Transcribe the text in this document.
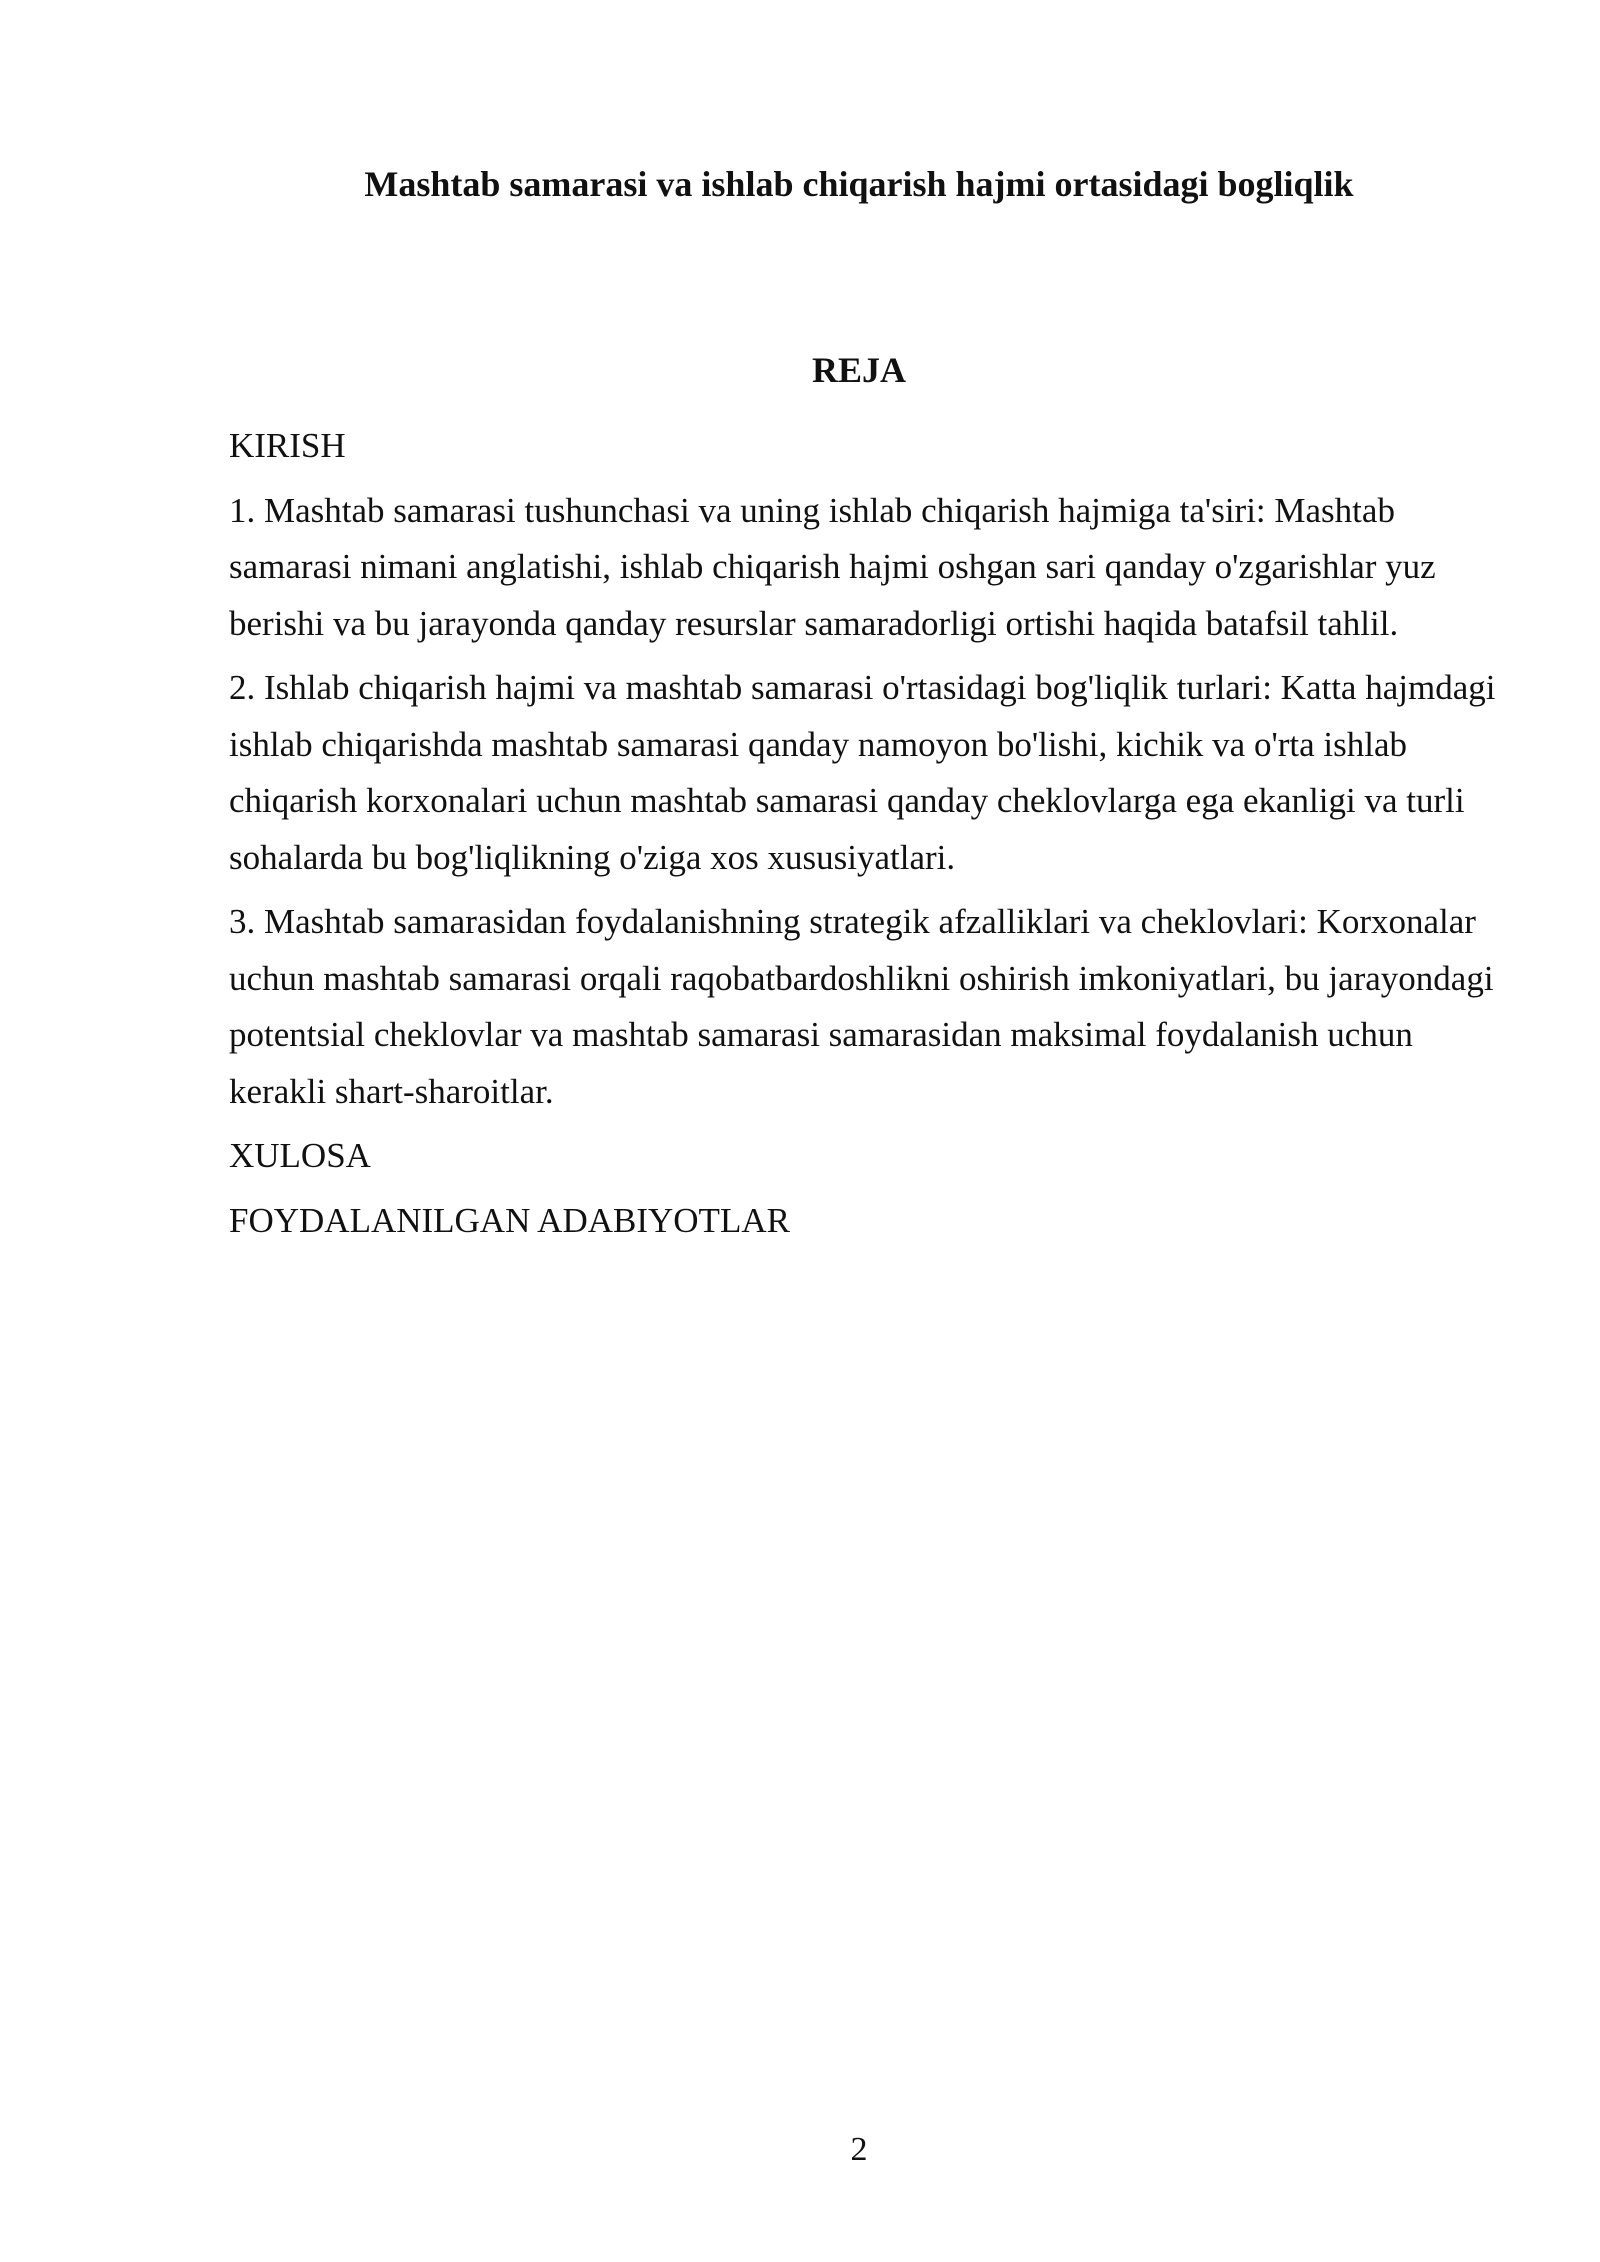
Mashtab samarasi va ishlab chiqarish hajmi ortasidagi bogliqlik
REJA

KIRISH

1. Mashtab samarasi tushunchasi va uning ishlab chiqarish hajmiga ta'siri: Mashtab samarasi nimani anglatishi, ishlab chiqarish hajmi oshgan sari qanday o'zgarishlar yuz berishi va bu jarayonda qanday resurslar samaradorligi ortishi haqida batafsil tahlil.

2. Ishlab chiqarish hajmi va mashtab samarasi o'rtasidagi bog'liqlik turlari: Katta hajmdagi ishlab chiqarishda mashtab samarasi qanday namoyon bo'lishi, kichik va o'rta ishlab chiqarish korxonalari uchun mashtab samarasi qanday cheklovlarga ega ekanligi va turli sohalarda bu bog'liqlikning o'ziga xos xususiyatlari.

3. Mashtab samarasidan foydalanishning strategik afzalliklari va cheklovlari: Korxonalar uchun mashtab samarasi orqali raqobatbardoshlikni oshirish imkoniyatlari, bu jarayondagi potentsial cheklovlar va mashtab samarasi samarasidan maksimal foydalanish uchun kerakli shart-sharoitlar.

XULOSA

FOYDALANILGAN ADABIYOTLAR

2
